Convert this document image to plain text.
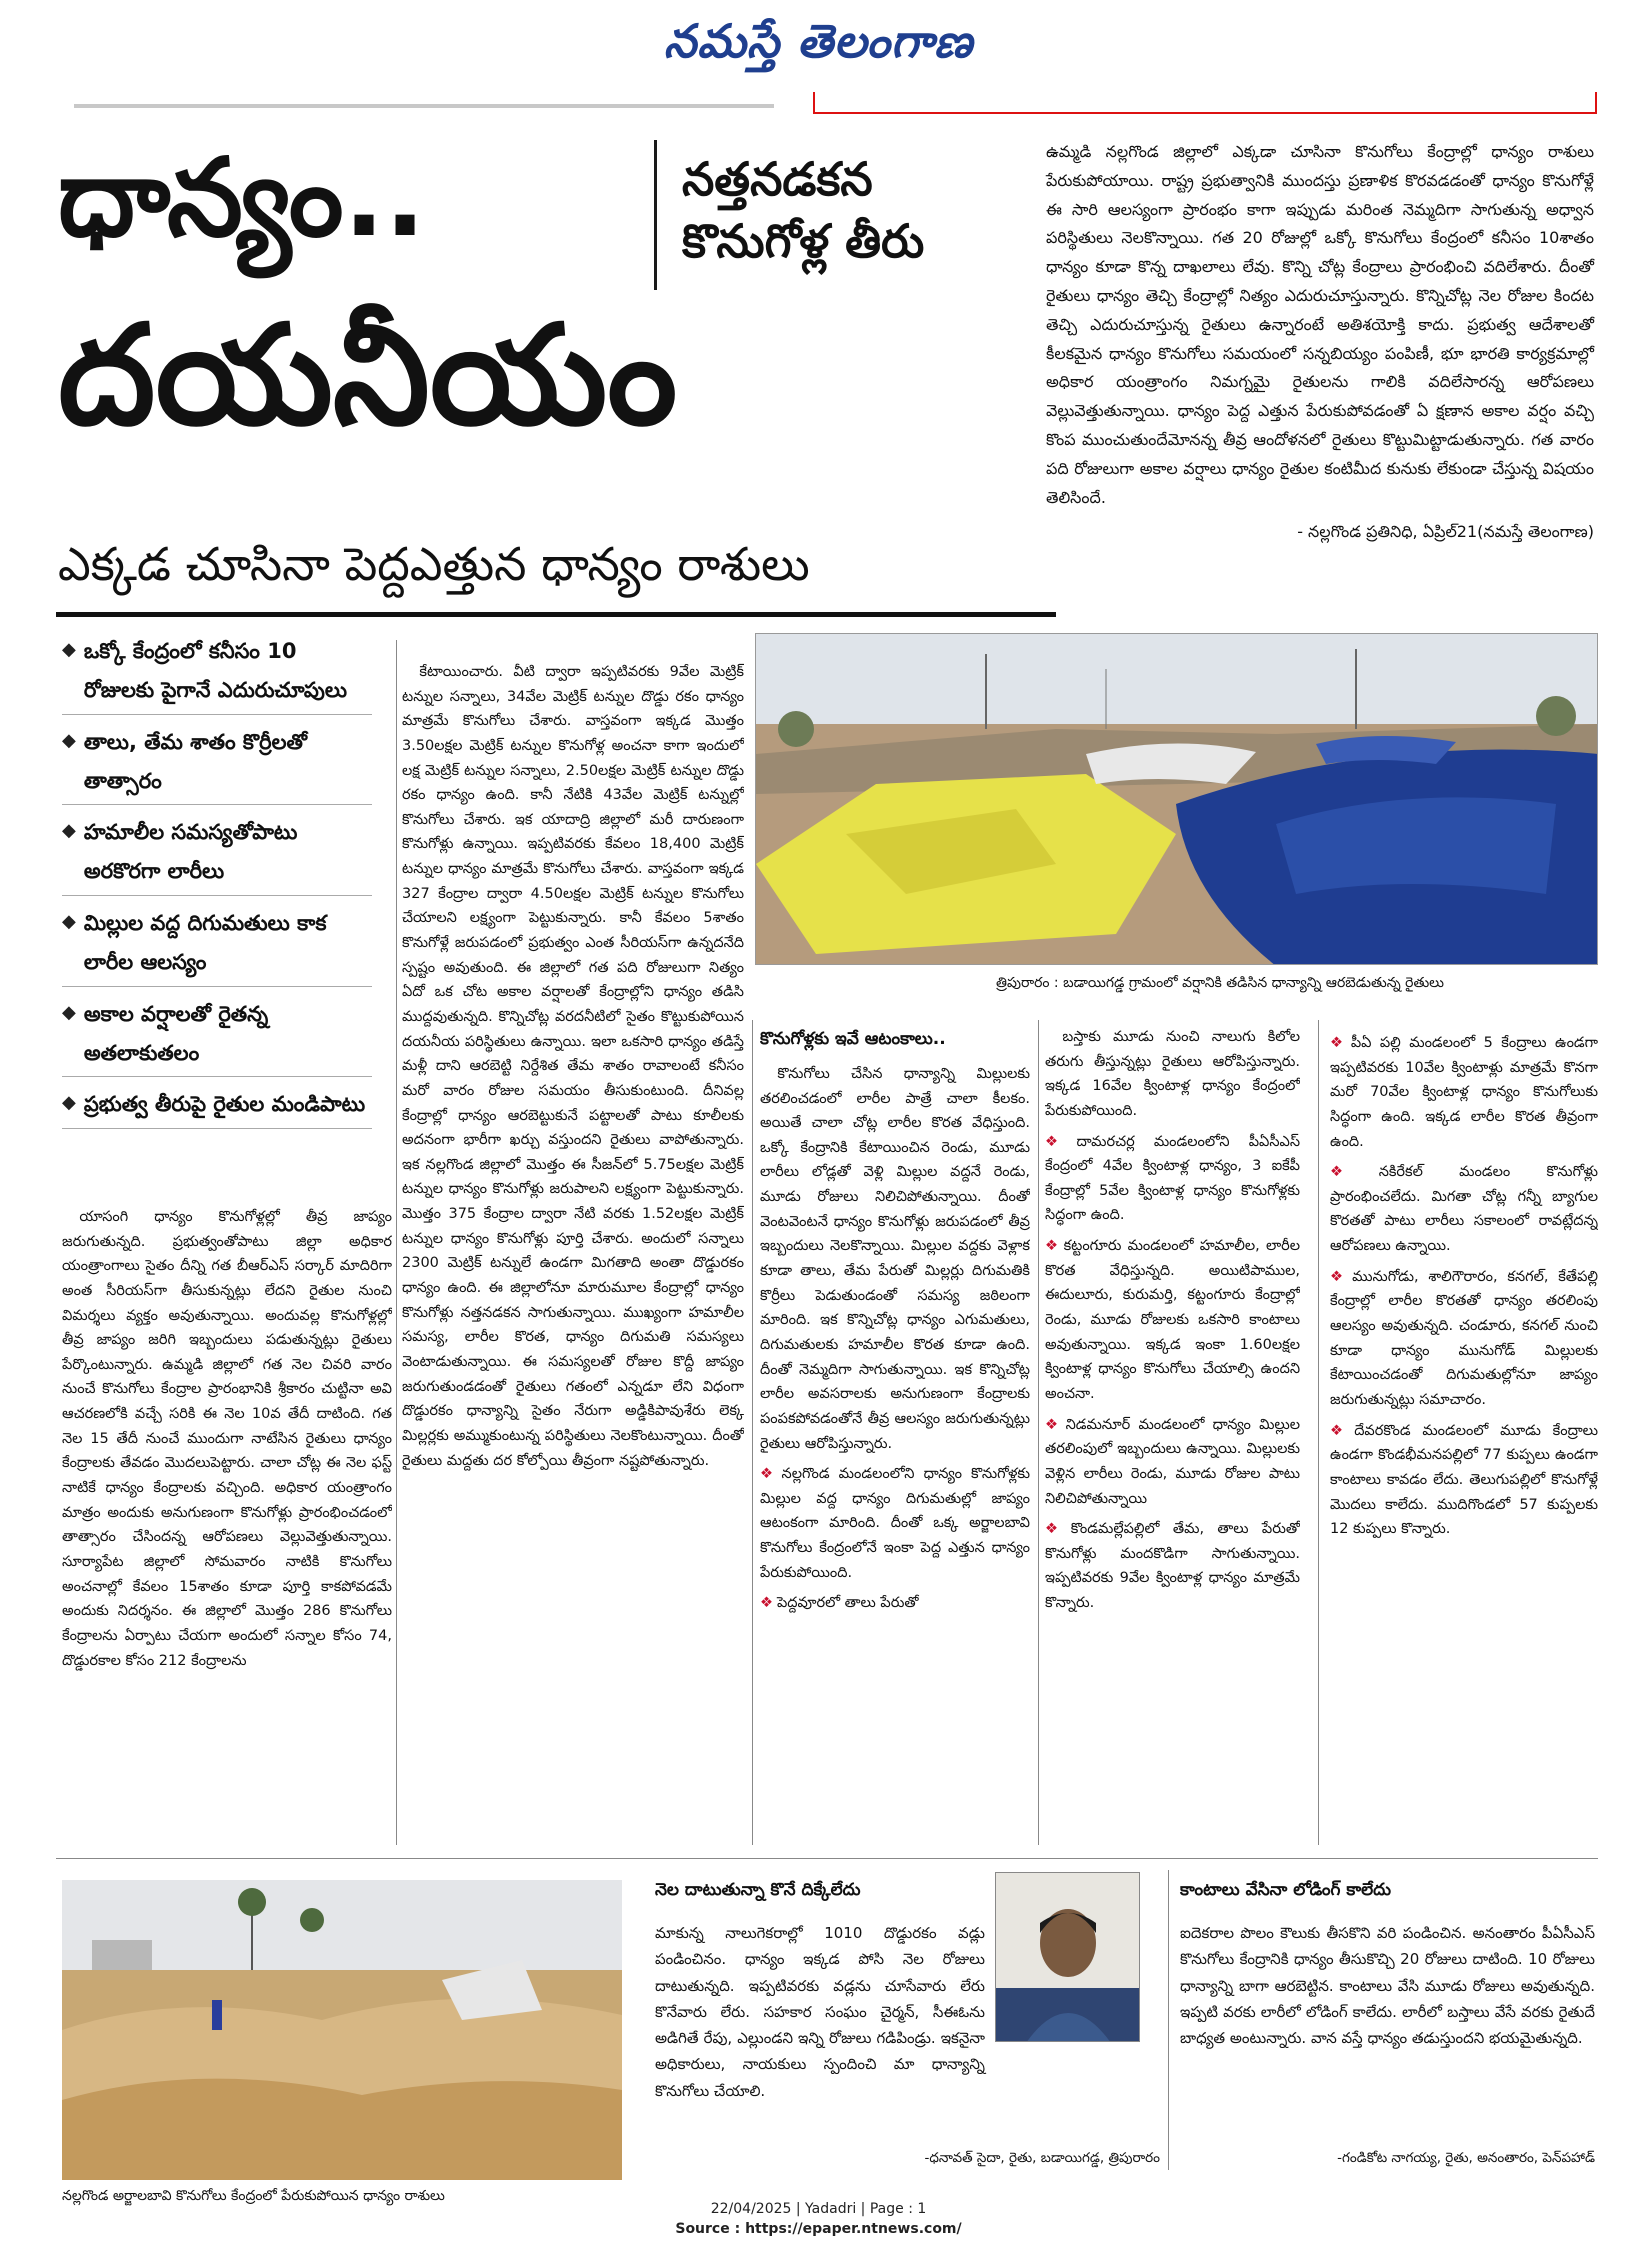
నమస్తే తెలంగాణ
ధాన్యం..
దయనీయం
నత్తనడకన
కొనుగోళ్ల తీరు
ఎక్కడ చూసినా పెద్దఎత్తున ధాన్యం రాశులు
ఉమ్మడి నల్లగొండ జిల్లాలో ఎక్కడా చూసినా కొనుగోలు కేంద్రాల్లో ధాన్యం రాశులు పేరుకుపోయాయి. రాష్ట్ర ప్రభుత్వానికి ముందస్తు ప్రణాళిక కొరవడడంతో ధాన్యం కొనుగోళ్లే ఈ సారి ఆలస్యంగా ప్రారంభం కాగా ఇప్పుడు మరింత నెమ్మదిగా సాగుతున్న అధ్వాన పరిస్థితులు నెలకొన్నాయి. గత 20 రోజుల్లో ఒక్కో కొనుగోలు కేంద్రంలో కనీసం 10శాతం ధాన్యం కూడా కొన్న దాఖలాలు లేవు. కొన్ని చోట్ల కేంద్రాలు ప్రారంభించి వదిలేశారు. దీంతో రైతులు ధాన్యం తెచ్చి కేంద్రాల్లో నిత్యం ఎదురుచూస్తున్నారు. కొన్నిచోట్ల నెల రోజుల కిందట తెచ్చి ఎదురుచూస్తున్న రైతులు ఉన్నారంటే అతిశయోక్తి కాదు. ప్రభుత్వ ఆదేశాలతో కీలకమైన ధాన్యం కొనుగోలు సమయంలో సన్నబియ్యం పంపిణీ, భూ భారతి కార్యక్రమాల్లో అధికార యంత్రాంగం నిమగ్నమై రైతులను గాలికి వదిలేసారన్న ఆరోపణలు వెల్లువెత్తుతున్నాయి. ధాన్యం పెద్ద ఎత్తున పేరుకుపోవడంతో ఏ క్షణాన అకాల వర్షం వచ్చి కొంప ముంచుతుందేమోనన్న తీవ్ర ఆందోళనలో రైతులు కొట్టుమిట్టాడుతున్నారు. గత వారం పది రోజులుగా అకాల వర్షాలు ధాన్యం రైతుల కంటిమీద కునుకు లేకుండా చేస్తున్న విషయం తెలిసిందే.
- నల్లగొండ ప్రతినిధి, ఏప్రిల్21(నమస్తే తెలంగాణ)
◆ ఒక్కో కేంద్రంలో కనీసం 10 రోజులకు పైగానే ఎదురుచూపులు
◆ తాలు, తేమ శాతం కొర్రీలతో తాత్సారం
◆ హమాలీల సమస్యతోపాటు అరకొరగా లారీలు
◆ మిల్లుల వద్ద దిగుమతులు కాక లారీల ఆలస్యం
◆ అకాల వర్షాలతో రైతన్న అతలాకుతలం
◆ ప్రభుత్వ తీరుపై రైతుల మండిపాటు

యాసంగి ధాన్యం కొనుగోళ్లల్లో తీవ్ర జాప్యం జరుగుతున్నది. ప్రభుత్వంతోపాటు జిల్లా అధికార యంత్రాంగాలు సైతం దీన్ని గత బీఆర్ఎస్ సర్కార్ మాదిరిగా అంత సీరియస్‌గా తీసుకున్నట్లు లేదని రైతుల నుంచి విమర్శలు వ్యక్తం అవుతున్నాయి. అందువల్ల కొనుగోళ్లల్లో తీవ్ర జాప్యం జరిగి ఇబ్బందులు పడుతున్నట్లు రైతులు పేర్కొంటున్నారు. ఉమ్మడి జిల్లాలో గత నెల చివరి వారం నుంచే కొనుగోలు కేంద్రాల ప్రారంభానికి శ్రీకారం చుట్టినా అవి ఆచరణలోకి వచ్చే సరికి ఈ నెల 10వ తేదీ దాటింది. గత నెల 15 తేదీ నుంచే ముందుగా నాటేసిన రైతులు ధాన్యం కేంద్రాలకు తేవడం మొదలుపెట్టారు. చాలా చోట్ల ఈ నెల ఫస్ట్ నాటికే ధాన్యం కేంద్రాలకు వచ్చింది. అధికార యంత్రాంగం మాత్రం అందుకు అనుగుణంగా కొనుగోళ్లు ప్రారంభించడంలో తాత్సారం చేసిందన్న ఆరోపణలు వెల్లువెత్తుతున్నాయి. సూర్యాపేట జిల్లాలో సోమవారం నాటికి కొనుగోలు అంచనాల్లో కేవలం 15శాతం కూడా పూర్తి కాకపోవడమే అందుకు నిదర్శనం. ఈ జిల్లాలో మొత్తం 286 కొనుగోలు కేంద్రాలను ఏర్పాటు చేయగా అందులో సన్నాల కోసం 74, దొడ్డురకాల కోసం 212 కేంద్రాలను

కేటాయించారు. వీటి ద్వారా ఇప్పటివరకు 9వేల మెట్రిక్ టన్నుల సన్నాలు, 34వేల మెట్రిక్ టన్నుల దొడ్డు రకం ధాన్యం మాత్రమే కొనుగోలు చేశారు. వాస్తవంగా ఇక్కడ మొత్తం 3.50లక్షల మెట్రిక్ టన్నుల కొనుగోళ్ల అంచనా కాగా ఇందులో లక్ష మెట్రిక్ టన్నుల సన్నాలు, 2.50లక్షల మెట్రిక్ టన్నుల దొడ్డు రకం ధాన్యం ఉంది. కానీ నేటికి 43వేల మెట్రిక్ టన్నుల్లో కొనుగోలు చేశారు. ఇక యాదాద్రి జిల్లాలో మరీ దారుణంగా కొనుగోళ్లు ఉన్నాయి. ఇప్పటివరకు కేవలం 18,400 మెట్రిక్ టన్నుల ధాన్యం మాత్రమే కొనుగోలు చేశారు. వాస్తవంగా ఇక్కడ 327 కేంద్రాల ద్వారా 4.50లక్షల మెట్రిక్ టన్నుల కొనుగోలు చేయాలని లక్ష్యంగా పెట్టుకున్నారు. కానీ కేవలం 5శాతం కొనుగోళ్లే జరుపడంలో ప్రభుత్వం ఎంత సీరియస్‌గా ఉన్నదనేది స్పష్టం అవుతుంది. ఈ జిల్లాలో గత పది రోజులుగా నిత్యం ఏదో ఒక చోట అకాల వర్షాలతో కేంద్రాల్లోని ధాన్యం తడిసి ముద్దవుతున్నది. కొన్నిచోట్ల వరదనీటిలో సైతం కొట్టుకుపోయిన దయనీయ పరిస్థితులు ఉన్నాయి. ఇలా ఒకసారి ధాన్యం తడిస్తే మళ్లీ దాని ఆరబెట్టి నిర్దేశిత తేమ శాతం రావాలంటే కనీసం మరో వారం రోజుల సమయం తీసుకుంటుంది. దీనివల్ల కేంద్రాల్లో ధాన్యం ఆరబెట్టుకునే పట్టాలతో పాటు కూలీలకు అదనంగా భారీగా ఖర్చు వస్తుందని రైతులు వాపోతున్నారు. ఇక నల్లగొండ జిల్లాలో మొత్తం ఈ సీజన్‌లో 5.75లక్షల మెట్రిక్ టన్నుల ధాన్యం కొనుగోళ్లు జరుపాలని లక్ష్యంగా పెట్టుకున్నారు. మొత్తం 375 కేంద్రాల ద్వారా నేటి వరకు 1.52లక్షల మెట్రిక్ టన్నుల ధాన్యం కొనుగోళ్లు పూర్తి చేశారు. అందులో సన్నాలు 2300 మెట్రిక్ టన్నులే ఉండగా మిగతాది అంతా దొడ్డురకం ధాన్యం ఉంది. ఈ జిల్లాలోనూ మారుమూల కేంద్రాల్లో ధాన్యం కొనుగోళ్లు నత్తనడకన సాగుతున్నాయి. ముఖ్యంగా హమాలీల సమస్య, లారీల కొరత, ధాన్యం దిగుమతి సమస్యలు వెంటాడుతున్నాయి. ఈ సమస్యలతో రోజుల కొద్దీ జాప్యం జరుగుతుండడంతో రైతులు గతంలో ఎన్నడూ లేని విధంగా దొడ్డురకం ధాన్యాన్ని సైతం నేరుగా అడ్డికిపావుశేరు లెక్క మిల్లర్లకు అమ్ముకుంటున్న పరిస్థితులు నెలకొంటున్నాయి. దీంతో రైతులు మద్దతు దర కోల్పోయి తీవ్రంగా నష్టపోతున్నారు.

త్రిపురారం : బడాయిగడ్డ గ్రామంలో వర్షానికి తడిసిన ధాన్యాన్ని ఆరబెడుతున్న రైతులు
కొనుగోళ్లకు ఇవే ఆటంకాలు..

కొనుగోలు చేసిన ధాన్యాన్ని మిల్లులకు తరలించడంలో లారీల పాత్రే చాలా కీలకం. అయితే చాలా చోట్ల లారీల కొరత వేధిస్తుంది. ఒక్కో కేంద్రానికి కేటాయించిన రెండు, మూడు లారీలు లోడ్లతో వెళ్లి మిల్లుల వద్దనే రెండు, మూడు రోజులు నిలిచిపోతున్నాయి. దీంతో వెంటవెంటనే ధాన్యం కొనుగోళ్లు జరుపడంలో తీవ్ర ఇబ్బందులు నెలకొన్నాయి. మిల్లుల వద్దకు వెళ్లాక కూడా తాలు, తేమ పేరుతో మిల్లర్లు దిగుమతికి కొర్రీలు పెడుతుండంతో సమస్య జఠిలంగా మారింది. ఇక కొన్నిచోట్ల ధాన్యం ఎగుమతులు, దిగుమతులకు హమాలీల కొరత కూడా ఉంది. దీంతో నెమ్మదిగా సాగుతున్నాయి. ఇక కొన్నిచోట్ల లారీల అవసరాలకు అనుగుణంగా కేంద్రాలకు పంపకపోవడంతోనే తీవ్ర ఆలస్యం జరుగుతున్నట్లు రైతులు ఆరోపిస్తున్నారు.

❖ నల్లగొండ మండలంలోని ధాన్యం కొనుగోళ్లకు మిల్లుల వద్ద ధాన్యం దిగుమతుల్లో జాప్యం ఆటంకంగా మారింది. దీంతో ఒక్క అర్జాలబావి కొనుగోలు కేంద్రంలోనే ఇంకా పెద్ద ఎత్తున ధాన్యం పేరుకుపోయింది.
❖ పెద్దవూరలో తాలు పేరుతో

బస్తాకు మూడు నుంచి నాలుగు కిలోల తరుగు తీస్తున్నట్లు రైతులు ఆరోపిస్తున్నారు. ఇక్కడ 16వేల క్వింటాళ్ల ధాన్యం కేంద్రంలో పేరుకుపోయింది.

❖ దామరచర్ల మండలంలోని పీఏసీఎస్ కేంద్రంలో 4వేల క్వింటాళ్ల ధాన్యం, 3 ఐకేపీ కేంద్రాల్లో 5వేల క్వింటాళ్ల ధాన్యం కొనుగోళ్లకు సిద్ధంగా ఉంది.
❖ కట్టంగూరు మండలంలో హమాలీల, లారీల కొరత వేధిస్తున్నది. అయిటిపాముల, ఈదులూరు, కురుమర్తి, కట్టంగూరు కేంద్రాల్లో రెండు, మూడు రోజులకు ఒకసారి కాంటాలు అవుతున్నాయి. ఇక్కడ ఇంకా 1.60లక్షల క్వింటాళ్ల ధాన్యం కొనుగోలు చేయాల్సి ఉందని అంచనా.
❖ నిడమనూర్ మండలంలో ధాన్యం మిల్లుల తరలింపులో ఇబ్బందులు ఉన్నాయి. మిల్లులకు వెళ్లిన లారీలు రెండు, మూడు రోజుల పాటు నిలిచిపోతున్నాయి
❖ కొండమల్లేపల్లిలో తేమ, తాలు పేరుతో కొనుగోళ్లు మందకొడిగా సాగుతున్నాయి. ఇప్పటివరకు 9వేల క్వింటాళ్ల ధాన్యం మాత్రమే కొన్నారు.
❖ పీఏ పల్లి మండలంలో 5 కేంద్రాలు ఉండగా ఇప్పటివరకు 10వేల క్వింటాళ్లు మాత్రమే కొనగా మరో 70వేల క్వింటాళ్ల ధాన్యం కొనుగోలుకు సిద్ధంగా ఉంది. ఇక్కడ లారీల కొరత తీవ్రంగా ఉంది.
❖ నకిరేకల్ మండలం కొనుగోళ్లు ప్రారంభించలేదు. మిగతా చోట్ల గన్నీ బ్యాగుల కొరతతో పాటు లారీలు సకాలంలో రావట్లేదన్న ఆరోపణలు ఉన్నాయి.
❖ మునుగోడు, శాలిగౌరారం, కనగల్, కేతేపల్లి కేంద్రాల్లో లారీల కొరతతో ధాన్యం తరలింపు ఆలస్యం అవుతున్నది. చండూరు, కనగల్ నుంచి కూడా ధాన్యం మునుగోడ్ మిల్లులకు కేటాయించడంతో దిగుమతుల్లోనూ జాప్యం జరుగుతున్నట్లు సమాచారం.
❖ దేవరకొండ మండలంలో మూడు కేంద్రాలు ఉండగా కొండభీమనపల్లిలో 77 కుప్పలు ఉండగా కాంటాలు కావడం లేదు. తెలుగుపల్లిలో కొనుగోళ్లే మొదలు కాలేదు. ముదిగొండలో 57 కుప్పలకు 12 కుప్పలు కొన్నారు.
నల్లగొండ అర్జాలబావి కొనుగోలు కేంద్రంలో పేరుకుపోయిన ధాన్యం రాశులు
నెల దాటుతున్నా కొనే దిక్కేలేదు
మాకున్న నాలుగెకరాల్లో 1010 దొడ్డురకం వడ్లు పండించినం. ధాన్యం ఇక్కడ పోసి నెల రోజులు దాటుతున్నది. ఇప్పటివరకు వడ్లను చూసేవారు లేరు కొనేవారు లేరు. సహకార సంఘం చైర్మన్, సీఈఓను అడిగితే రేపు, ఎల్లుండని ఇన్ని రోజులు గడిపిండ్రు. ఇకనైనా అధికారులు, నాయకులు స్పందించి మా ధాన్యాన్ని కొనుగోలు చేయాలి.
-ధనావత్ సైదా, రైతు, బడాయిగడ్డ, త్రిపురారం
కాంటాలు వేసినా లోడింగ్ కాలేదు
ఐదెకరాల పొలం కౌలుకు తీసకొని వరి పండించిన. అనంతారం పీఏసీఎస్ కొనుగోలు కేంద్రానికి ధాన్యం తీసుకొచ్చి 20 రోజులు దాటింది. 10 రోజులు ధాన్యాన్ని బాగా ఆరబెట్టిన. కాంటాలు వేసి మూడు రోజులు అవుతున్నది. ఇప్పటి వరకు లారీలో లోడింగ్ కాలేదు. లారీలో బస్తాలు వేసే వరకు రైతుదే బాధ్యత అంటున్నారు. వాన వస్తే ధాన్యం తడుస్తుందని భయమైతున్నది.
-గండికోట నాగయ్య, రైతు, అనంతారం, పెన్‌పహాడ్
22/04/2025 | Yadadri | Page : 1
Source : https://epaper.ntnews.com/
